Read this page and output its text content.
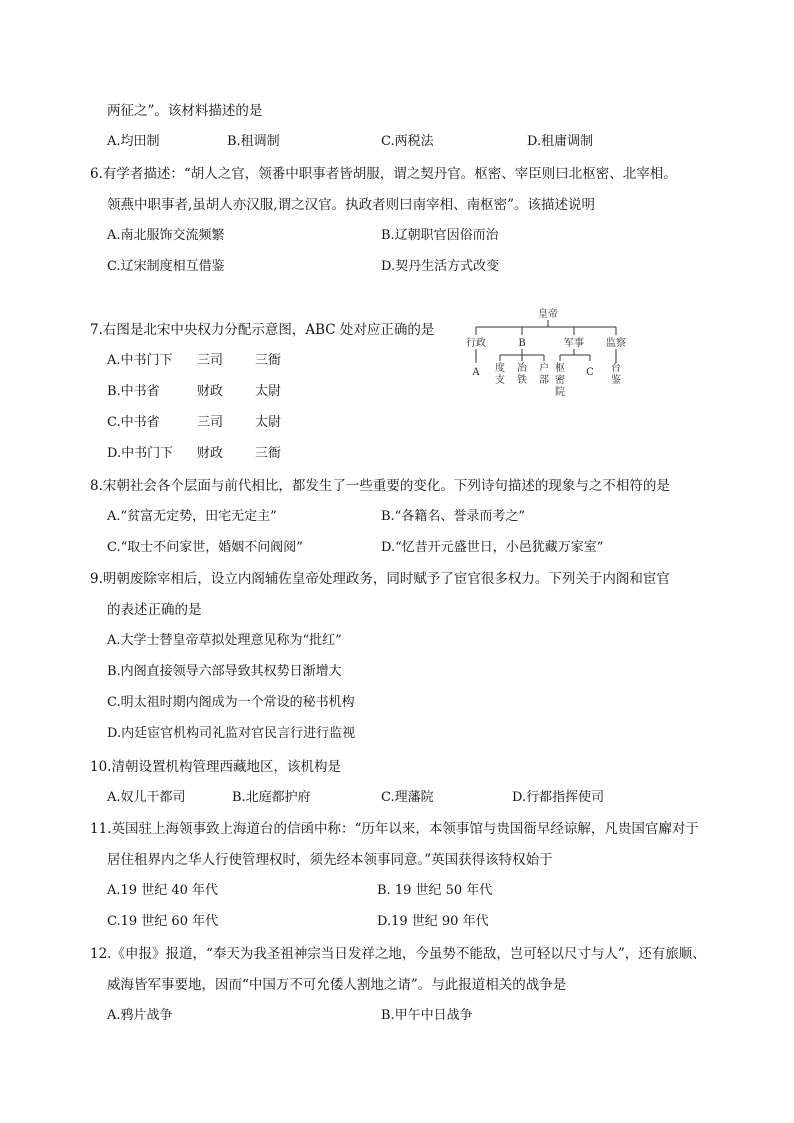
两征之”。该材料描述的是
A.均田制	B.租调制	C.两税法	D.租庸调制
6.有学者描述：“胡人之官，领番中职事者皆胡服，谓之契丹官。枢密、宰臣则曰北枢密、北宰相。
领燕中职事者,虽胡人亦汉服,谓之汉官。执政者则曰南宰相、南枢密”。该描述说明
A.南北服饰交流频繁	B.辽朝职官因俗而治
C.辽宋制度相互借鉴	D.契丹生活方式改变
7.右图是北宋中央权力分配示意图，ABC 处对应正确的是
A.中书门下 三司 三衙
B.中书省	财政 太尉
C.中书省	三司 太尉
D.中书门下 财政 三衙
皇帝
行政	B	军事 监察
A 度支
冶铁
户部
枢密院
C 台鉴
8.宋朝社会各个层面与前代相比，都发生了一些重要的变化。下列诗句描述的现象与之不相符的是
A.“贫富无定势，田宅无定主”	B.“各籍名、誉录而考之”
C.“取士不问家世，婚姻不问阀阅”	D.“忆昔开元盛世日，小邑犹藏万家室”
9.明朝废除宰相后，设立内阁辅佐皇帝处理政务，同时赋予了宦官很多权力。下列关于内阁和宦官
的表述正确的是
A.大学士替皇帝草拟处理意见称为“批红”
B.内阁直接领导六部导致其权势日渐增大
C.明太祖时期内阁成为一个常设的秘书机构
D.内廷宦官机构司礼监对官民言行进行监视
10.清朝设置机构管理西藏地区，该机构是
A.奴儿干都司	B.北庭都护府	C.理藩院	D.行都指挥使司
11.英国驻上海领事致上海道台的信函中称：“历年以来，本领事馆与贵国衙早经谅解，凡贵国官廨对于
居住租界内之华人行使管理权时，须先经本领事同意。”英国获得该特权始于
A.19 世纪 40 年代	B. 19 世纪 50 年代
C.19 世纪 60 年代	D.19 世纪 90 年代
12.《申报》报道，“奉天为我圣祖神宗当日发祥之地，今虽势不能敌，岂可轻以尺寸与人”，还有旅顺、
威海皆军事要地，因而“中国万不可允倭人割地之请”。与此报道相关的战争是
A.鸦片战争	B.甲午中日战争
